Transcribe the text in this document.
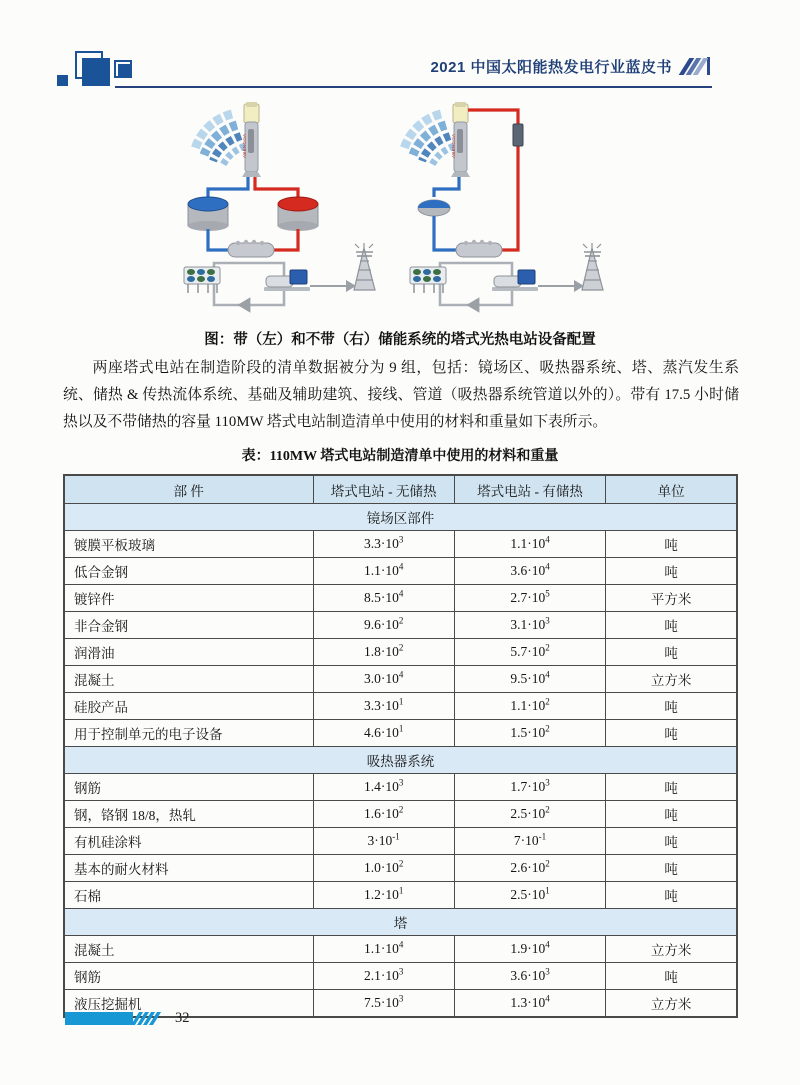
2021 中国太阳能热发电行业蓝皮书
ABENGOA	ABENGOA
图：带（左）和不带（右）储能系统的塔式光热电站设备配置
两座塔式电站在制造阶段的清单数据被分为 9 组，包括：镜场区、吸热器系统、塔、蒸汽发生系统、储热 & 传热流体系统、基础及辅助建筑、接线、管道（吸热器系统管道以外的）。带有 17.5 小时储热以及不带储热的容量 110MW 塔式电站制造清单中使用的材料和重量如下表所示。
表：110MW 塔式电站制造清单中使用的材料和重量
部 件	塔式电站 - 无储热	塔式电站 - 有储热	单位
镜场区部件			
镀膜平板玻璃	$3.3\cdot 10^3$	$1.1\cdot 10^4$	吨
低合金钢	$1.1\cdot 10^4$	$3.6\cdot 10^4$	吨
镀锌件	$8.5\cdot 10^4$	$2.7\cdot 10^5$	平方米
非合金钢	$9.6\cdot 10^2$	$3.1\cdot 10^3$	吨
润滑油	$1.8\cdot 10^2$	$5.7\cdot 10^2$	吨
混凝土	$3.0\cdot 10^4$	$9.5\cdot 10^4$	立方米
硅胶产品	$3.3\cdot 10^1$	$1.1\cdot 10^2$	吨
用于控制单元的电子设备	$4.6\cdot 10^1$	$1.5\cdot 10^2$	吨
吸热器系统			
钢筋	$1.4\cdot 10^3$	$1.7\cdot 10^3$	吨
钢，铬钢 18/8，热轧	$1.6\cdot 10^2$	$2.5\cdot 10^2$	吨
有机硅涂料	$3\cdot 10^{-1}$	$7\cdot 10^{-1}$	吨
基本的耐火材料	$1.0\cdot 10^2$	$2.6\cdot 10^2$	吨
石棉	$1.2\cdot 10^1$	$2.5\cdot 10^1$	吨
塔			
混凝土	$1.1\cdot 10^4$	$1.9\cdot 10^4$	立方米
钢筋	$2.1\cdot 10^3$	$3.6\cdot 10^3$	吨
液压挖掘机	$7.5\cdot 10^3$	$1.3\cdot 10^4$	立方米
32
